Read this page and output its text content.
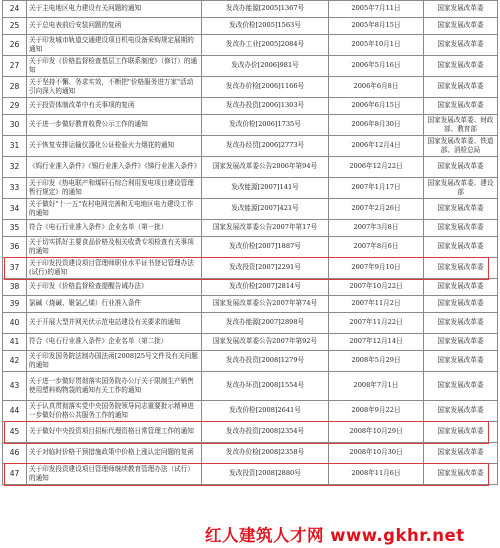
24	关于主电地区电力建设有关问题的通知	发改办能源[2005]1367号	2005年7月11日	国家发展改革委
25	关于总电表前后安装问题的复函	发改价检[2005]1563号	2005年8月15日	国家发展改革委
26	关于印发城市轨道交通建设项目机电设备采购规定展期的通知	发改办工业[2005]2084号	2005年10月1日	国家发展改革委
27	关于印发《价格监督检查基层工作联系制度》（修订）的通知	发改办价[2006]981号	2006年5月16日	国家发展改革委
28	关于坚持不懈、务求实效，不断把"价格服务进万家"活动引向深入的通知	发改办价检[2006]1166号	2006年6月8日	国家发展改革委
29	关于投资体制改革中有关事项的复函	发改办投资[2006]1303号	2006年6月15日	国家发展改革委
30	关于进一步做好教育收费公示工作的通知	发改价检[2006]1735号	2006年8月30日	国家发展改革委、财政部、教育部
31	关于恢复安排运输仪器化公证检验火力烟花的通知	发改办经贸[2006]2773号	2006年12月4日	国家发展改革委、铁道部、消检总局
32	《钨行业准入条件》《锡行业准入条件》《锑行业准入条件》	国家发展改革委公告2006年第94号	2006年12月22日	国家发展改革委
33	关于印发《热电联产和煤矸石综合利用发电项目建设管理暂行规定》的通知	发改能源[2007]141号	2007年1月17日	国家发展改革委、建设部
34	关于做好"十一五"农村电网完善和无电地区电力建设工作的通知	发改能源[2007]421号	2007年2月26日	国家发展改革委
35	符合《电石行业准入条件》企业名单（第一批）	国家发展改革委公告2007年第17号	2007年3月8日	国家发展改革委
36	关于切实抓好主要食品价格及相关收费专项检查有关事项的通知	发改价检[2007]1887号	2007年8月6日	国家发展改革委
37	关于印发投资建设项目管理师职业水平证书登记管理办法(试行)的通知	发改投资[2007]2291号	2007年9月10日	国家发展改革委
38	关于印发《价格监督检查提醒告诫办法》	发改价检[2007]2814号	2007年10月22日	国家发展改革委
39	氯碱（烧碱、聚氯乙烯）行业准入条件	国家发展改革委公告2007年第74号	2007年11月2日	国家发展改革委
40	关于开展大型并网光伏示范电站建设有关要求的通知	发改办能源[2007]2898号	2007年11月22日	国家发展改革委
41	符合《电石行业准入条件》企业名单（第二批）	国家发展改革委公告2007年第92号	2007年12月14日	国家发展改革委
42	关于印发国务院法制办国法函[2008]25号文件及有关问题的通知	发改办投资[2008]1279号	2008年5月29日	国家发展改革委
43	关于进一步做好贯彻落实国务院办公厅关于限制生产销售使用塑料购物袋的通知有关工作的通知	发改办环资[2008]1554号	2008年7月1日	国家发展改革委
44	关于认真贯彻落实党中央国务院领导同志重要批示精神进一步做好价格公共服务工作的通知	发改价检[2008]2641号	2008年9月22日	国家发展改革委
45	关于做好中央投资项目招标代理资格日常管理工作的通知	发改办投资[2008]2354号	2008年10月29日	国家发展改革委
46	关于对临时价格干预措施政策中价格上涨认定问题的复函	发改办价检[2008]2358号	2008年10月30日	国家发展改革委
47	关于印发投资建设项目管理师继续教育管理办法（试行）的通知	发改投资[2008]2880号	2008年11月6日	国家发展改革委
红人建筑人才网 www.gkhr.net
